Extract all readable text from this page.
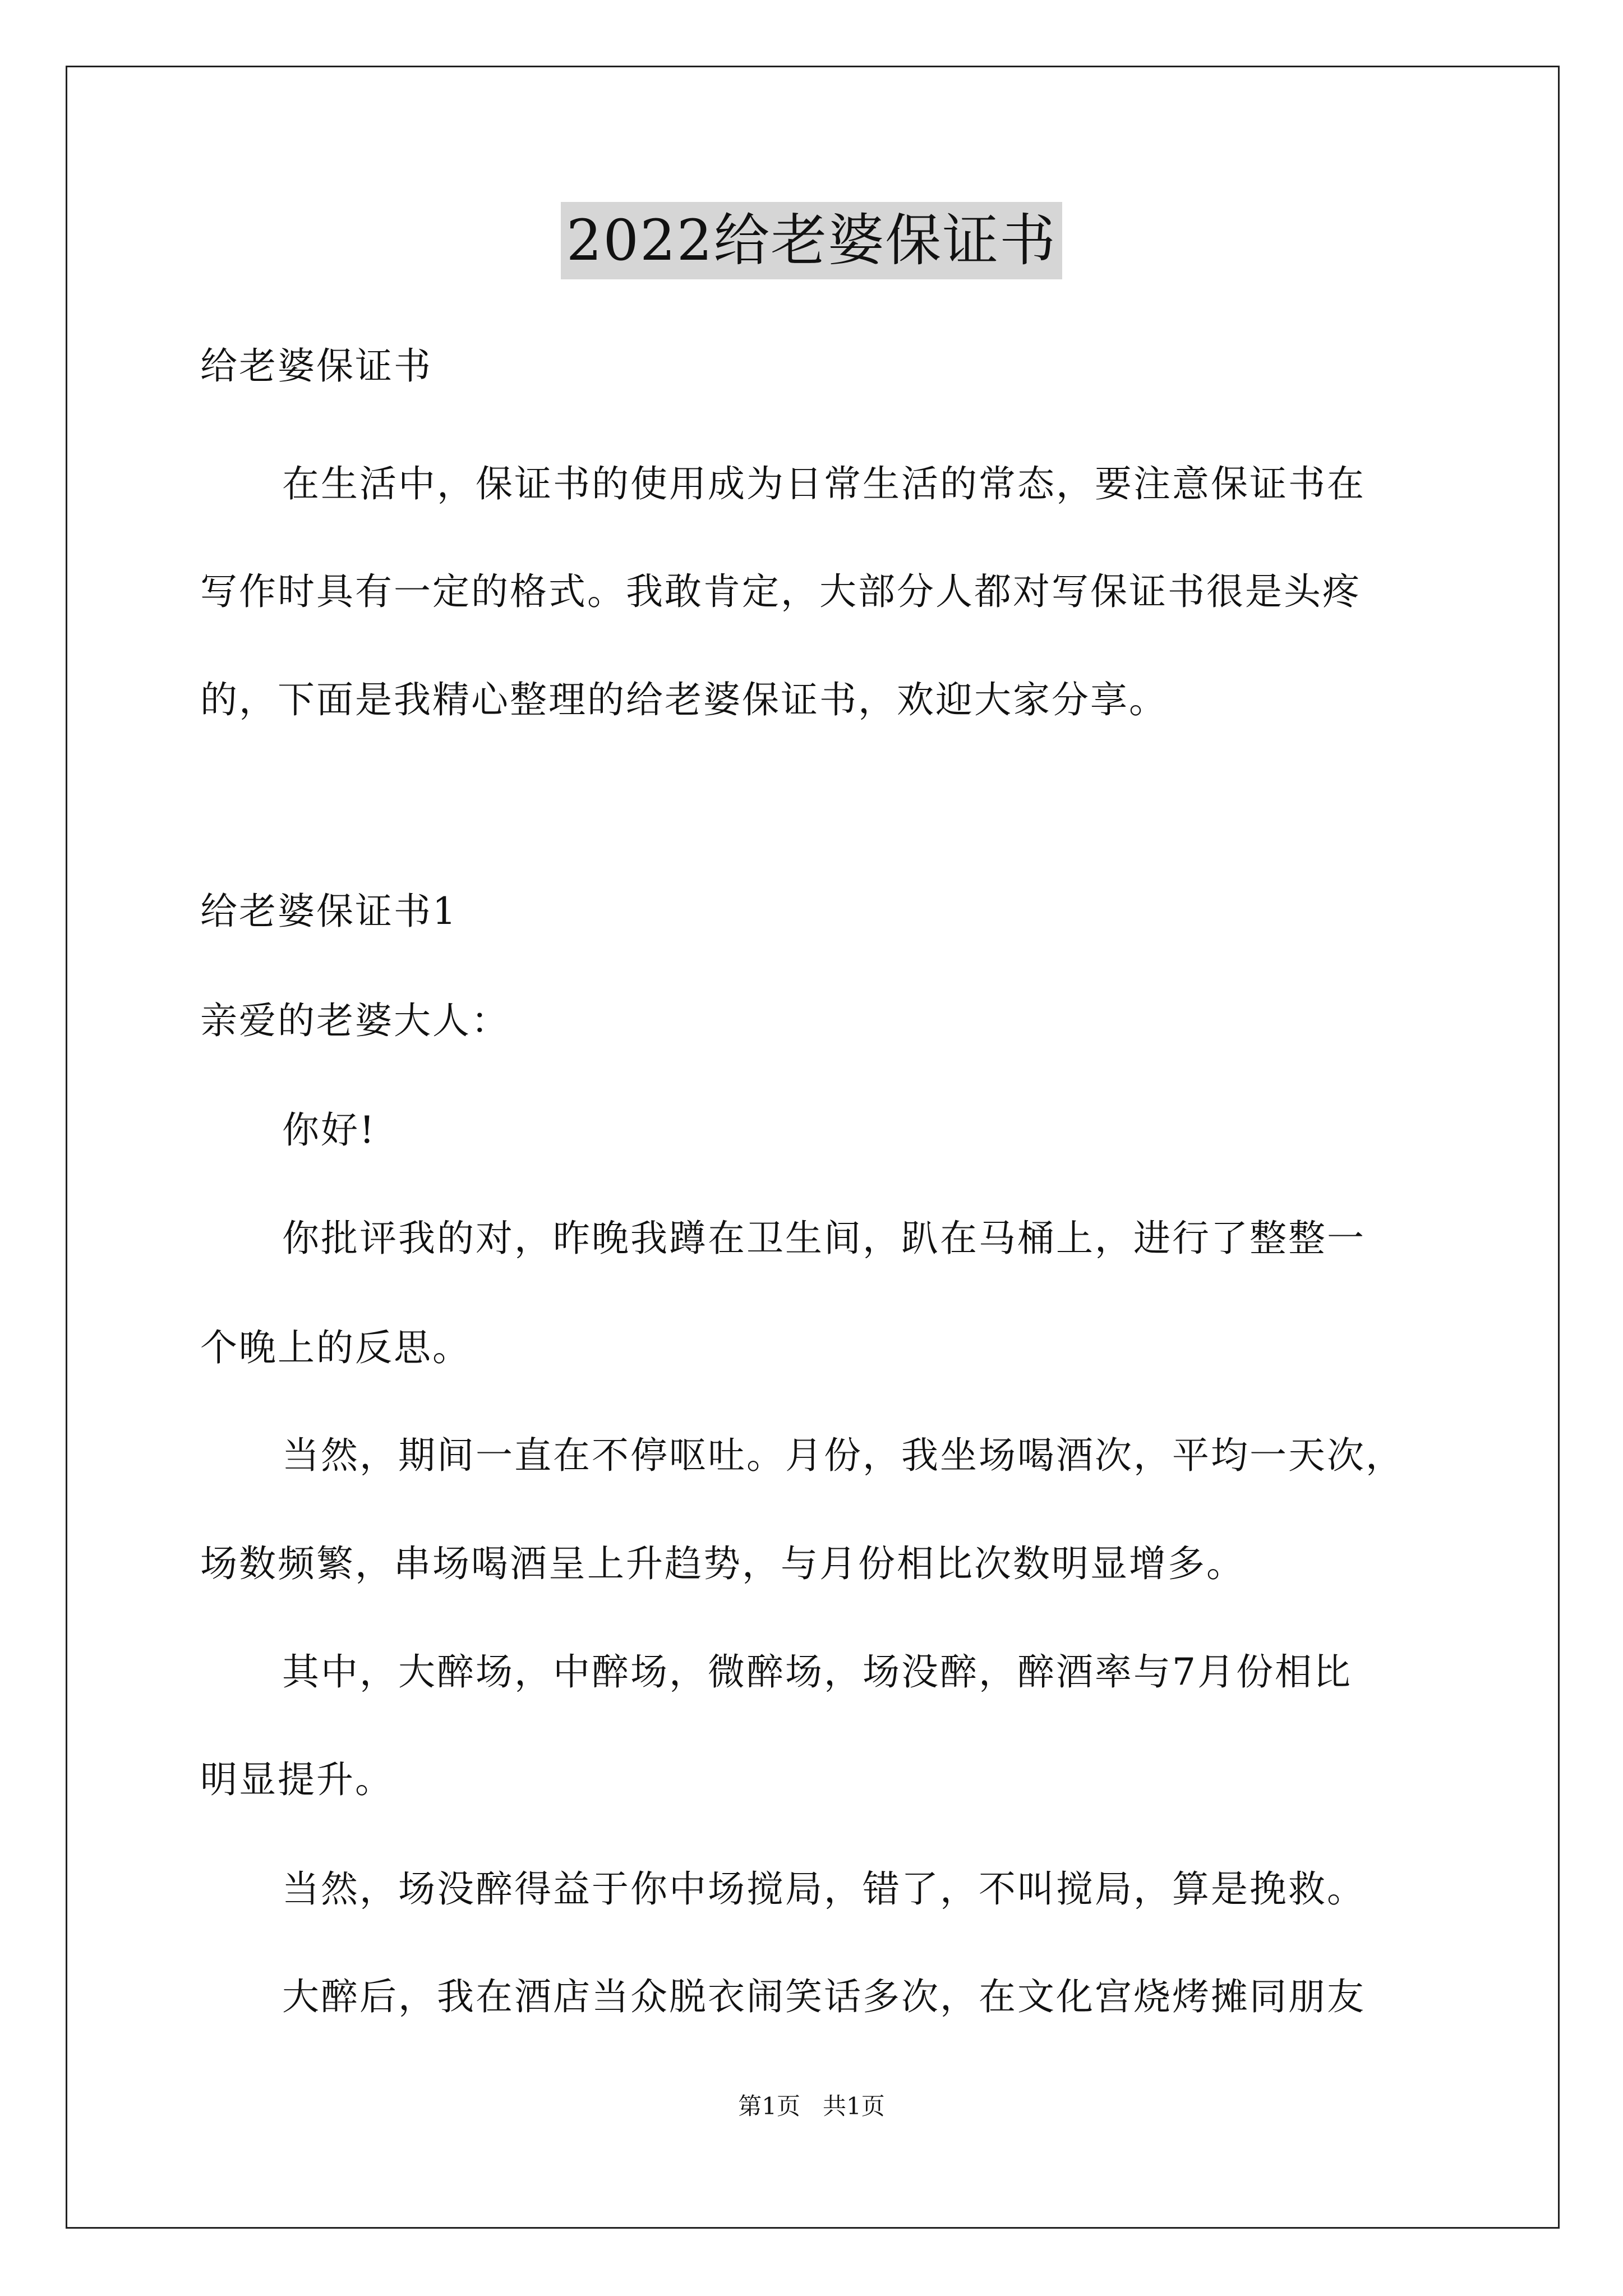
2022给老婆保证书
给老婆保证书
在生活中，保证书的使用成为日常生活的常态，要注意保证书在
写作时具有一定的格式。我敢肯定，大部分人都对写保证书很是头疼
的，下面是我精心整理的给老婆保证书，欢迎大家分享。
给老婆保证书1
亲爱的老婆大人：
你好!
你批评我的对，昨晚我蹲在卫生间，趴在马桶上，进行了整整一
个晚上的反思。
当然，期间一直在不停呕吐。月份，我坐场喝酒次，平均一天次，
场数频繁，串场喝酒呈上升趋势，与月份相比次数明显增多。
其中，大醉场，中醉场，微醉场，场没醉，醉酒率与7月份相比
明显提升。
当然，场没醉得益于你中场搅局，错了，不叫搅局，算是挽救。
大醉后，我在酒店当众脱衣闹笑话多次，在文化宫烧烤摊同朋友
第1页   共1页
